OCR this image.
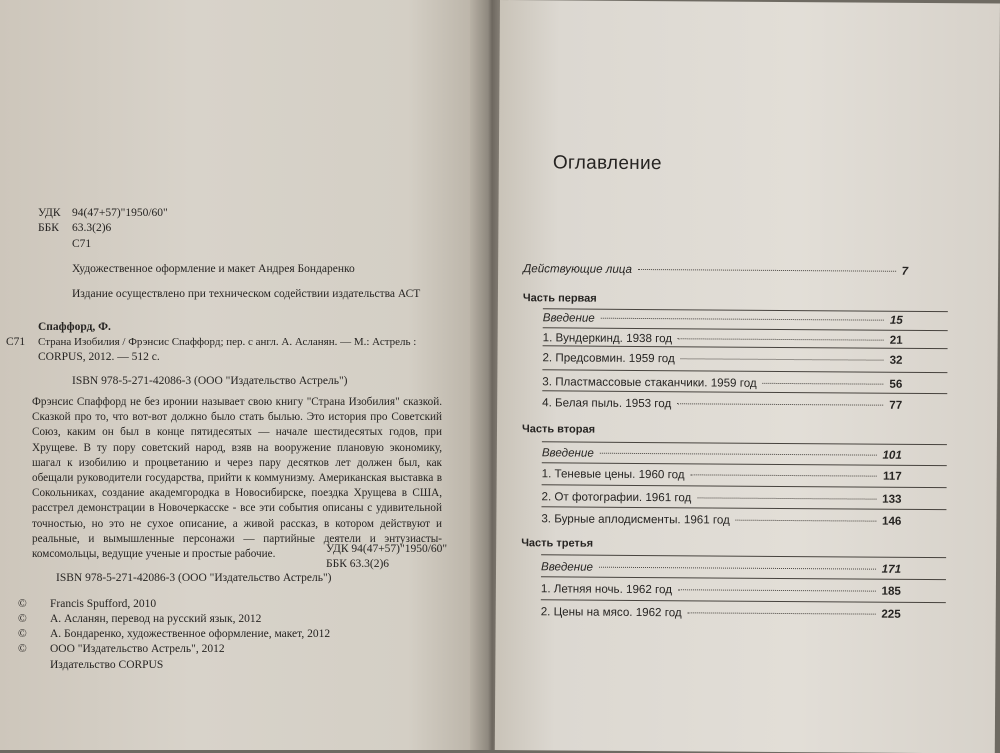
УДК 94(47+57)"1950/60"
ББК 63.3(2)6
С71
Художественное оформление и макет Андрея Бондаренко
Издание осуществлено при техническом содействии издательства АСТ
Спаффорд, Ф.
С71 Страна Изобилия / Фрэнсис Спаффорд; пер. с англ. А. Асланян. — М.: Астрель :
CORPUS, 2012. — 512 с.
ISBN 978-5-271-42086-3 (ООО "Издательство Астрель")
Фрэнсис Спаффорд не без иронии называет свою книгу "Страна Изобилия" сказкой. Сказкой про то, что вот-вот должно было стать былью. Это история про Советский Союз, каким он был в конце пятидесятых — начале шестидесятых годов, при Хрущеве. В ту пору советский народ, взяв на вооружение плановую экономику, шагал к изобилию и процветанию и через пару десятков лет должен был, как обещали руководители государства, прийти к коммунизму. Американская выставка в Сокольниках, создание академгородка в Новосибирске, поездка Хрущева в США, расстрел демонстрации в Новочеркасске - все эти события описаны с удивительной точностью, но это не сухое описание, а живой рассказ, в котором действуют и реальные, и вымышленные персонажи — партийные деятели и энтузиасты-комсомольцы, ведущие ученые и простые рабочие.	УДК 94(47+57)"1950/60"
ББК 63.3(2)6
ISBN 978-5-271-42086-3 (ООО "Издательство Астрель")
© Francis Spufford, 2010
© А. Асланян, перевод на русский язык, 2012
© А. Бондаренко, художественное оформление, макет, 2012
© ООО "Издательство Астрель", 2012
Издательство CORPUS
Оглавление
Действующие лица	7
Часть первая
Введение	15
1. Вундеркинд. 1938 год	21
2. Предсовмин. 1959 год	32
3. Пластмассовые стаканчики. 1959 год	56
4. Белая пыль. 1953 год	77
Часть вторая
Введение	101
1. Теневые цены. 1960 год	117
2. От фотографии. 1961 год	133
3. Бурные аплодисменты. 1961 год	146
Часть третья
Введение	171
1. Летняя ночь. 1962 год	185
2. Цены на мясо. 1962 год	225
